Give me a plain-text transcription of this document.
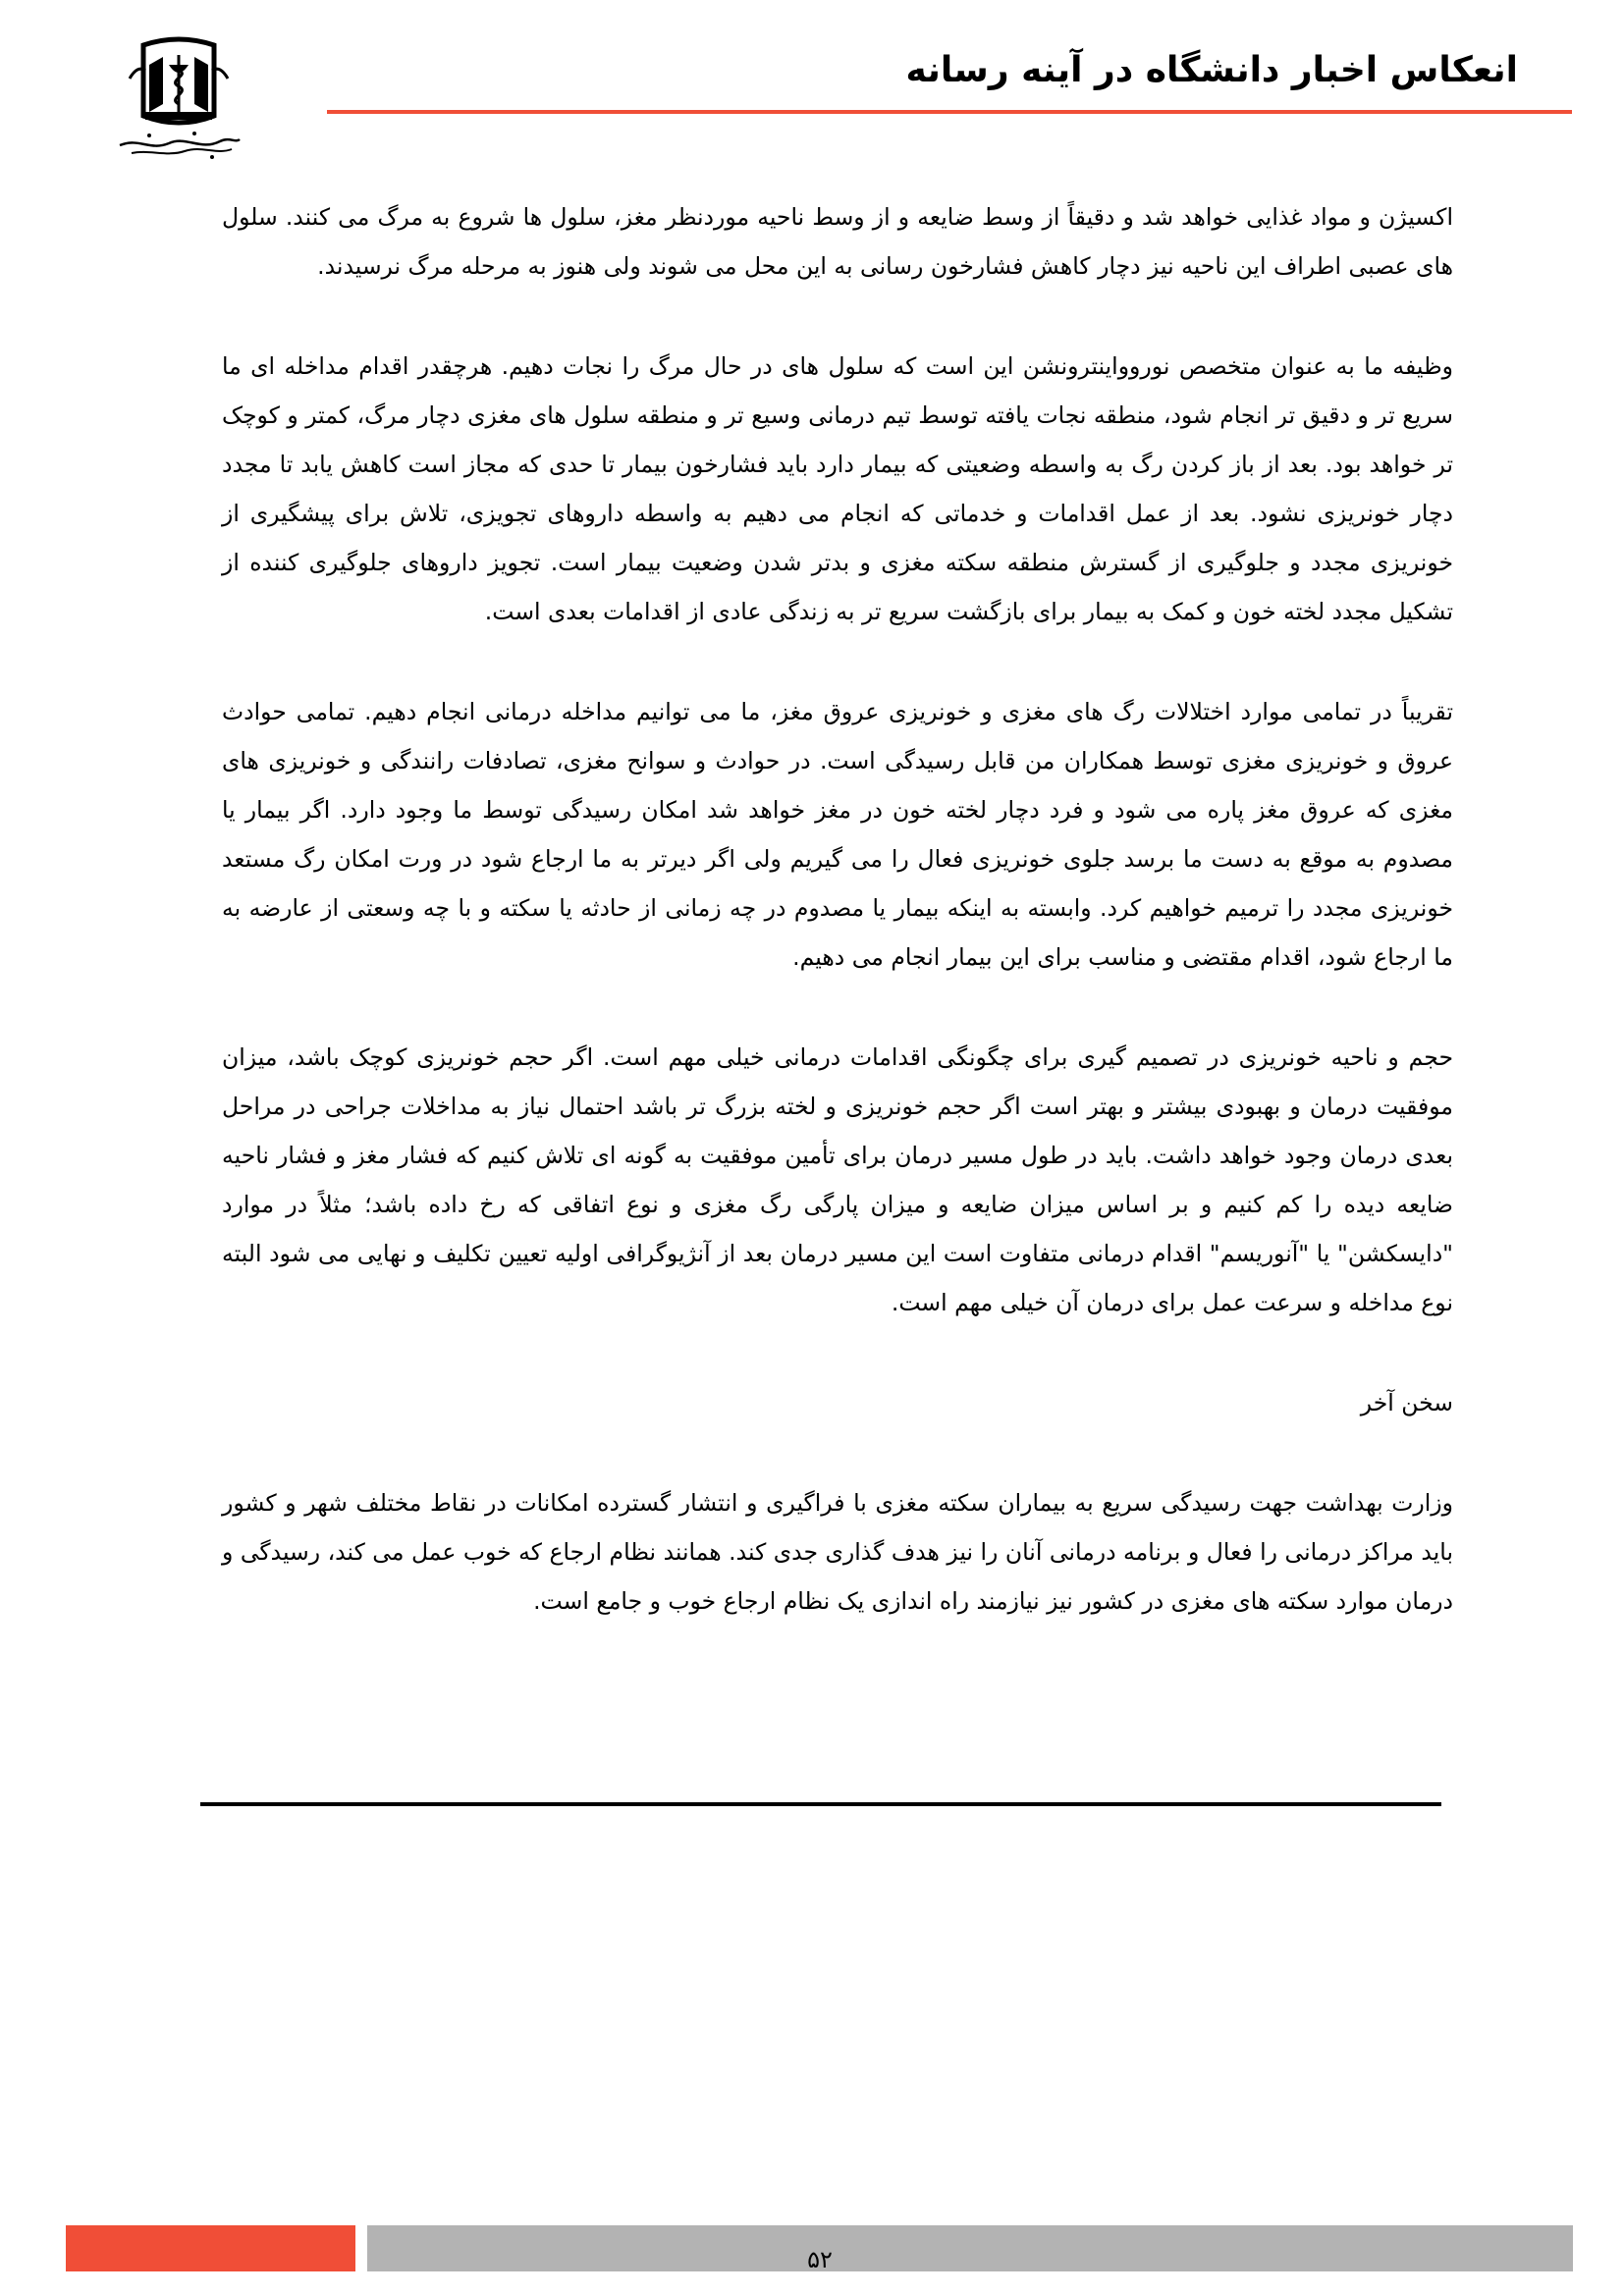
انعکاس اخبار دانشگاه در آینه رسانه

اکسیژن و مواد غذایی خواهد شد و دقیقاً از وسط ضایعه و از وسط ناحیه موردنظر مغز، سلول ها شروع به مرگ می کنند. سلول های عصبی اطراف این ناحیه نیز دچار کاهش فشارخون رسانی به این محل می شوند ولی هنوز به مرحله مرگ نرسیدند.

وظیفه ما به عنوان متخصص نوروواینترونشن این است که سلول های در حال مرگ را نجات دهیم. هرچقدر اقدام مداخله ای ما سریع تر و دقیق تر انجام شود، منطقه نجات یافته توسط تیم درمانی وسیع تر و منطقه سلول های مغزی دچار مرگ، کمتر و کوچک تر خواهد بود. بعد از باز کردن رگ به واسطه وضعیتی که بیمار دارد باید فشارخون بیمار تا حدی که مجاز است کاهش یابد تا مجدد دچار خونریزی نشود. بعد از عمل اقدامات و خدماتی که انجام می دهیم به واسطه داروهای تجویزی، تلاش برای پیشگیری از خونریزی مجدد و جلوگیری از گسترش منطقه سکته مغزی و بدتر شدن وضعیت بیمار است. تجویز داروهای جلوگیری کننده از تشکیل مجدد لخته خون و کمک به بیمار برای بازگشت سریع تر به زندگی عادی از اقدامات بعدی است.

تقریباً در تمامی موارد اختلالات رگ های مغزی و خونریزی عروق مغز، ما می توانیم مداخله درمانی انجام دهیم. تمامی حوادث عروق و خونریزی مغزی توسط همکاران من قابل رسیدگی است. در حوادث و سوانح مغزی، تصادفات رانندگی و خونریزی های مغزی که عروق مغز پاره می شود و فرد دچار لخته خون در مغز خواهد شد امکان رسیدگی توسط ما وجود دارد. اگر بیمار یا مصدوم به موقع به دست ما برسد جلوی خونریزی فعال را می گیریم ولی اگر دیرتر به ما ارجاع شود در ورت امکان رگ مستعد خونریزی مجدد را ترمیم خواهیم کرد. وابسته به اینکه بیمار یا مصدوم در چه زمانی از حادثه یا سکته و با چه وسعتی از عارضه به ما ارجاع شود، اقدام مقتضی و مناسب برای این بیمار انجام می دهیم.

حجم و ناحیه خونریزی در تصمیم گیری برای چگونگی اقدامات درمانی خیلی مهم است. اگر حجم خونریزی کوچک باشد، میزان موفقیت درمان و بهبودی بیشتر و بهتر است اگر حجم خونریزی و لخته بزرگ تر باشد احتمال نیاز به مداخلات جراحی در مراحل بعدی درمان وجود خواهد داشت. باید در طول مسیر درمان برای تأمین موفقیت به گونه ای تلاش کنیم که فشار مغز و فشار ناحیه ضایعه دیده را کم کنیم و بر اساس میزان ضایعه و میزان پارگی رگ مغزی و نوع اتفاقی که رخ داده باشد؛ مثلاً در موارد "دایسکشن" یا "آنوریسم" اقدام درمانی متفاوت است این مسیر درمان بعد از آنژیوگرافی اولیه تعیین تکلیف و نهایی می شود البته نوع مداخله و سرعت عمل برای درمان آن خیلی مهم است.

سخن آخر

وزارت بهداشت جهت رسیدگی سریع به بیماران سکته مغزی با فراگیری و انتشار گسترده امکانات در نقاط مختلف شهر و کشور باید مراکز درمانی را فعال و برنامه درمانی آنان را نیز هدف گذاری جدی کند. همانند نظام ارجاع که خوب عمل می کند، رسیدگی و درمان موارد سکته های مغزی در کشور نیز نیازمند راه اندازی یک نظام ارجاع خوب و جامع است.

۵۲
